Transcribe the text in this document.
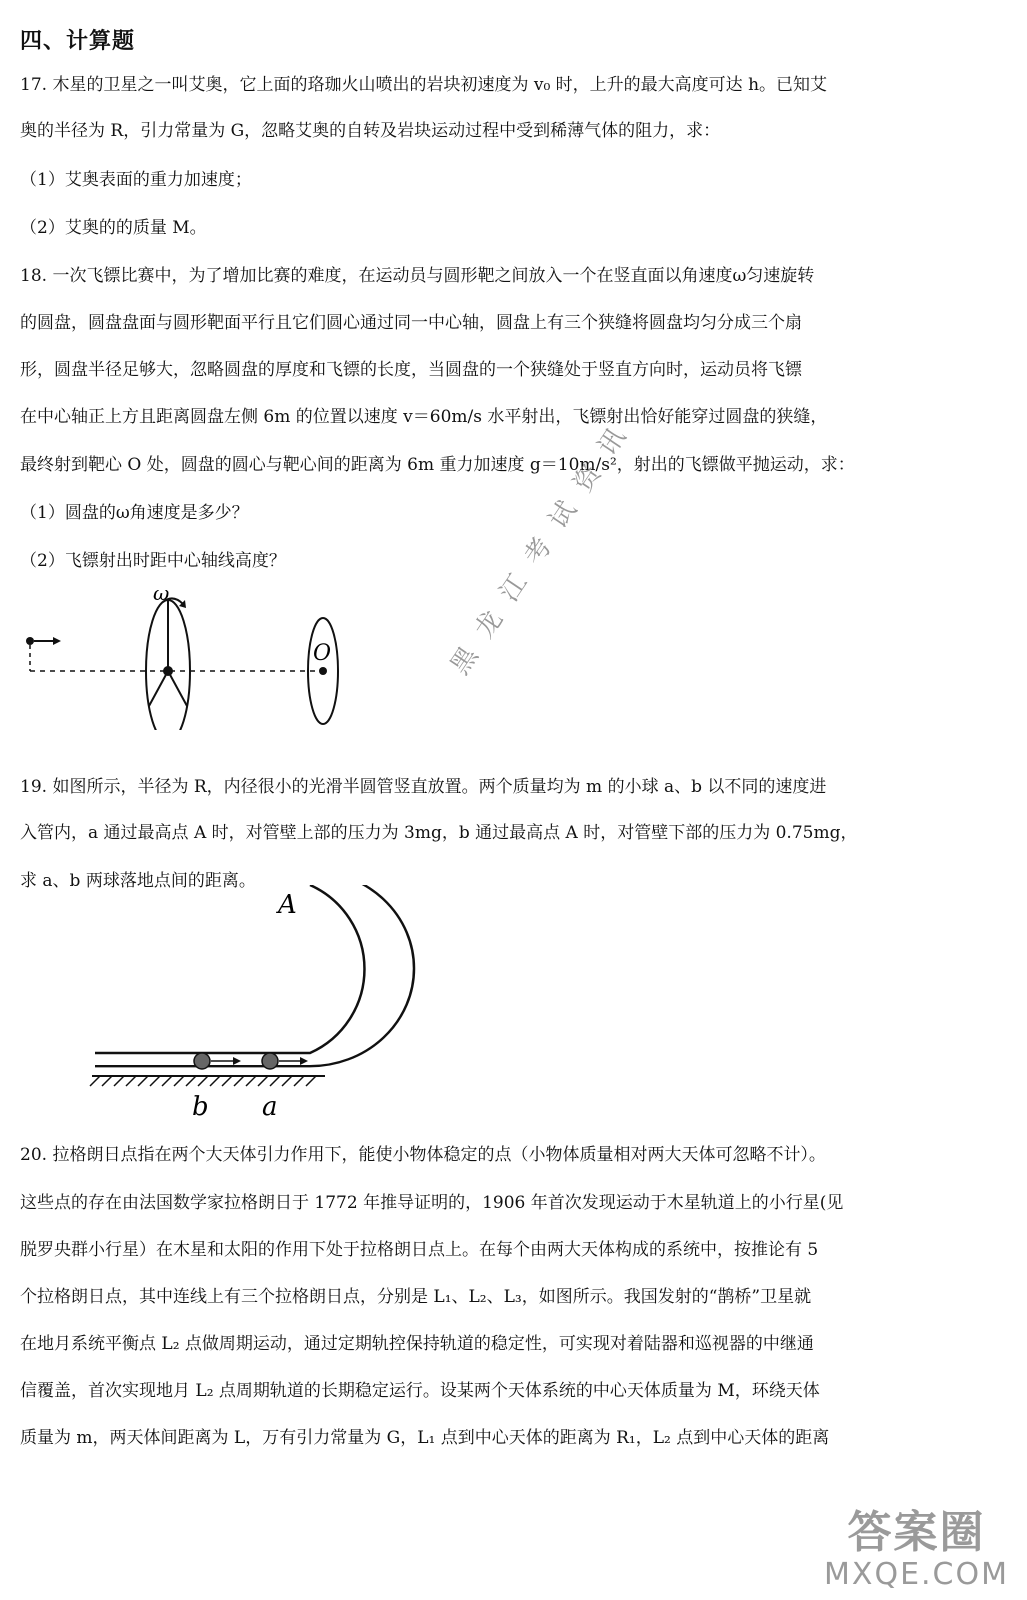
四、计算题
17. 木星的卫星之一叫艾奥，它上面的珞珈火山喷出的岩块初速度为 v₀ 时，上升的最大高度可达 h。已知艾
奥的半径为 R，引力常量为 G，忽略艾奥的自转及岩块运动过程中受到稀薄气体的阻力，求：
（1）艾奥表面的重力加速度；
（2）艾奥的的质量 M。
18. 一次飞镖比赛中，为了增加比赛的难度，在运动员与圆形靶之间放入一个在竖直面以角速度ω匀速旋转
的圆盘，圆盘盘面与圆形靶面平行且它们圆心通过同一中心轴，圆盘上有三个狭缝将圆盘均匀分成三个扇
形，圆盘半径足够大，忽略圆盘的厚度和飞镖的长度，当圆盘的一个狭缝处于竖直方向时，运动员将飞镖
在中心轴正上方且距离圆盘左侧 6m 的位置以速度 v＝60m/s 水平射出，飞镖射出恰好能穿过圆盘的狭缝，
最终射到靶心 O 处，圆盘的圆心与靶心间的距离为 6m 重力加速度 g＝10m/s²，射出的飞镖做平抛运动，求：
（1）圆盘的ω角速度是多少？
（2）飞镖射出时距中心轴线高度？
ω
O
19. 如图所示，半径为 R，内径很小的光滑半圆管竖直放置。两个质量均为 m 的小球 a、b 以不同的速度进
入管内，a 通过最高点 A 时，对管壁上部的压力为 3mg，b 通过最高点 A 时，对管壁下部的压力为 0.75mg，
求 a、b 两球落地点间的距离。
A
b a
20. 拉格朗日点指在两个大天体引力作用下，能使小物体稳定的点（小物体质量相对两大天体可忽略不计）。
这些点的存在由法国数学家拉格朗日于 1772 年推导证明的，1906 年首次发现运动于木星轨道上的小行星(见
脱罗央群小行星）在木星和太阳的作用下处于拉格朗日点上。在每个由两大天体构成的系统中，按推论有 5
个拉格朗日点，其中连线上有三个拉格朗日点，分别是 L₁、L₂、L₃，如图所示。我国发射的“鹊桥”卫星就
在地月系统平衡点 L₂ 点做周期运动，通过定期轨控保持轨道的稳定性，可实现对着陆器和巡视器的中继通
信覆盖，首次实现地月 L₂ 点周期轨道的长期稳定运行。设某两个天体系统的中心天体质量为 M，环绕天体
质量为 m，两天体间距离为 L，万有引力常量为 G，L₁ 点到中心天体的距离为 R₁，L₂ 点到中心天体的距离
黑龙江考试资讯
答案圈
MXQE.COM
